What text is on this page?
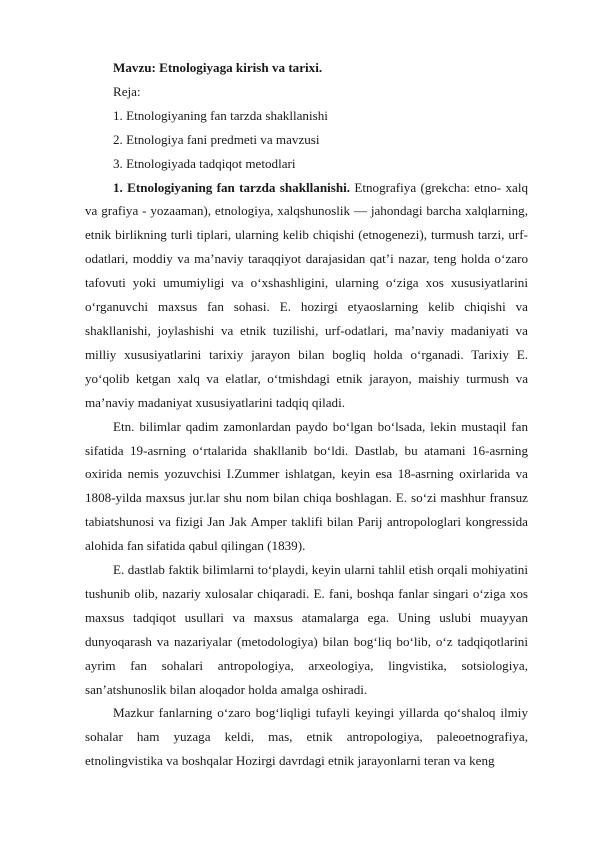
Mavzu: Etnologiyaga kirish va tarixi.
Reja:
1. Etnologiyaning fan tarzda shakllanishi
2. Etnologiya fani predmeti va mavzusi
3. Etnologiyada tadqiqot metodlari

1. Etnologiyaning fan tarzda shakllanishi. Etnografiya (grekcha: etno- xalq va grafiya - yozaaman), etnologiya, xalqshunoslik — jahondagi barcha xalqlarning, etnik birlikning turli tiplari, ularning kelib chiqishi (etnogenezi), turmush tarzi, urf-odatlari, moddiy va ma’naviy taraqqiyot darajasidan qat’i nazar, teng holda o‘zaro tafovuti yoki umumiyligi va o‘xshashligini, ularning o‘ziga xos xususiyatlarini o‘rganuvchi maxsus fan sohasi. E. hozirgi etyaoslarning kelib chiqishi va shakllanishi, joylashishi va etnik tuzilishi, urf-odatlari, ma’naviy madaniyati va milliy xususiyatlarini tarixiy jarayon bilan bogliq holda o‘rganadi. Tarixiy E. yo‘qolib ketgan xalq va elatlar, o‘tmishdagi etnik jarayon, maishiy turmush va ma’naviy madaniyat xususiyatlarini tadqiq qiladi.

Etn. bilimlar qadim zamonlardan paydo bo‘lgan bo‘lsada, lekin mustaqil fan sifatida 19-asrning o‘rtalarida shakllanib bo‘ldi. Dastlab, bu atamani 16-asrning oxirida nemis yozuvchisi I.Zummer ishlatgan, keyin esa 18-asrning oxirlarida va 1808-yilda maxsus jur.lar shu nom bilan chiqa boshlagan. E. so‘zi mashhur fransuz tabiatshunosi va fizigi Jan Jak Amper taklifi bilan Parij antropologlari kongressida alohida fan sifatida qabul qilingan (1839).

E. dastlab faktik bilimlarni to‘playdi, keyin ularni tahlil etish orqali mohiyatini tushunib olib, nazariy xulosalar chiqaradi. E. fani, boshqa fanlar singari o‘ziga xos maxsus tadqiqot usullari va maxsus atamalarga ega. Uning uslubi muayyan dunyoqarash va nazariyalar (metodologiya) bilan bog‘liq bo‘lib, o‘z tadqiqotlarini ayrim fan sohalari antropologiya, arxeologiya, lingvistika, sotsiologiya, san’atshunoslik bilan aloqador holda amalga oshiradi.

Mazkur fanlarning o‘zaro bog‘liqligi tufayli keyingi yillarda qo‘shaloq ilmiy sohalar ham yuzaga keldi, mas, etnik antropologiya, paleoetnografiya, etnolingvistika va boshqalar Hozirgi davrdagi etnik jarayonlarni teran va keng
